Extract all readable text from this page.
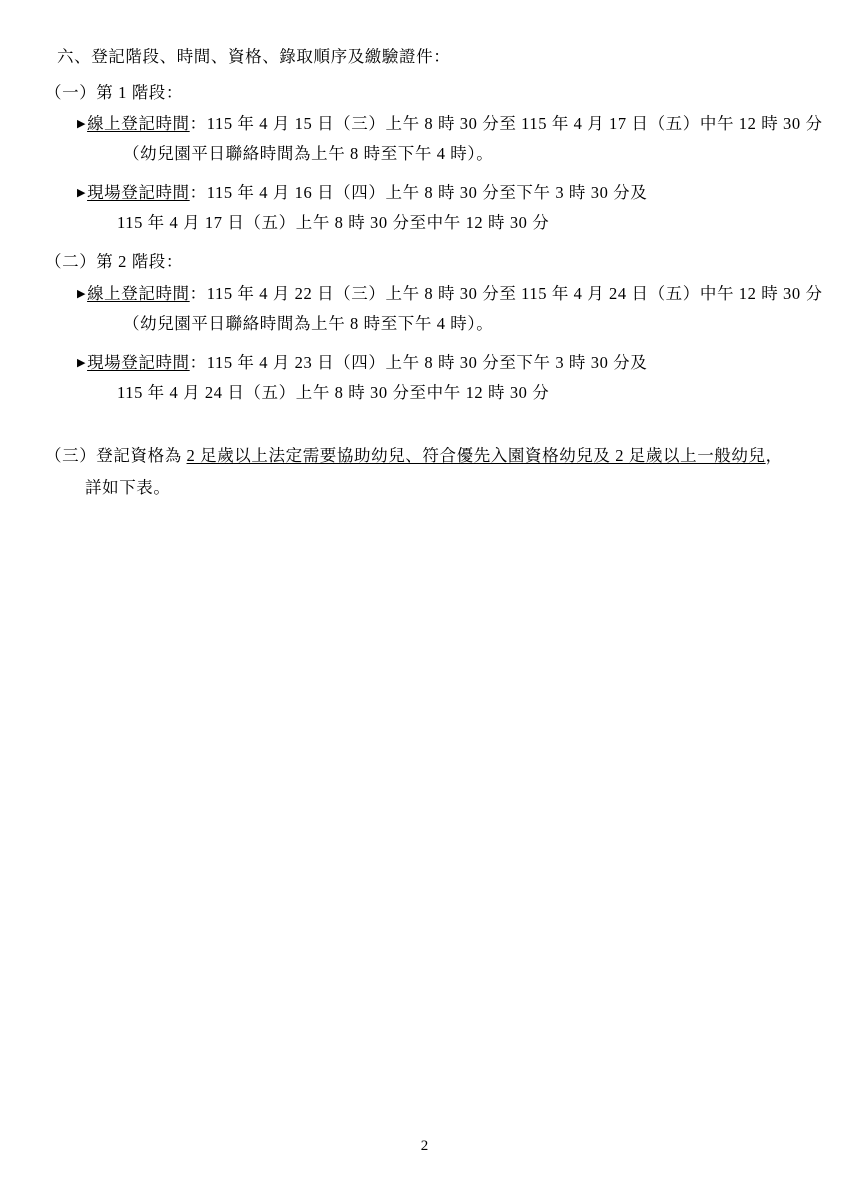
六、登記階段、時間、資格、錄取順序及繳驗證件：
（一）第 1 階段：
▶線上登記時間：115 年 4 月 15 日（三）上午 8 時 30 分至 115 年 4 月 17 日（五）中午 12 時 30 分
（幼兒園平日聯絡時間為上午 8 時至下午 4 時）。
▶現場登記時間：115 年 4 月 16 日（四）上午 8 時 30 分至下午 3 時 30 分及
115 年 4 月 17 日（五）上午 8 時 30 分至中午 12 時 30 分
（二）第 2 階段：
▶線上登記時間：115 年 4 月 22 日（三）上午 8 時 30 分至 115 年 4 月 24 日（五）中午 12 時 30 分
（幼兒園平日聯絡時間為上午 8 時至下午 4 時）。
▶現場登記時間：115 年 4 月 23 日（四）上午 8 時 30 分至下午 3 時 30 分及
115 年 4 月 24 日（五）上午 8 時 30 分至中午 12 時 30 分
（三）登記資格為 2 足歲以上法定需要協助幼兒、符合優先入園資格幼兒及 2 足歲以上一般幼兒，
詳如下表。
2
